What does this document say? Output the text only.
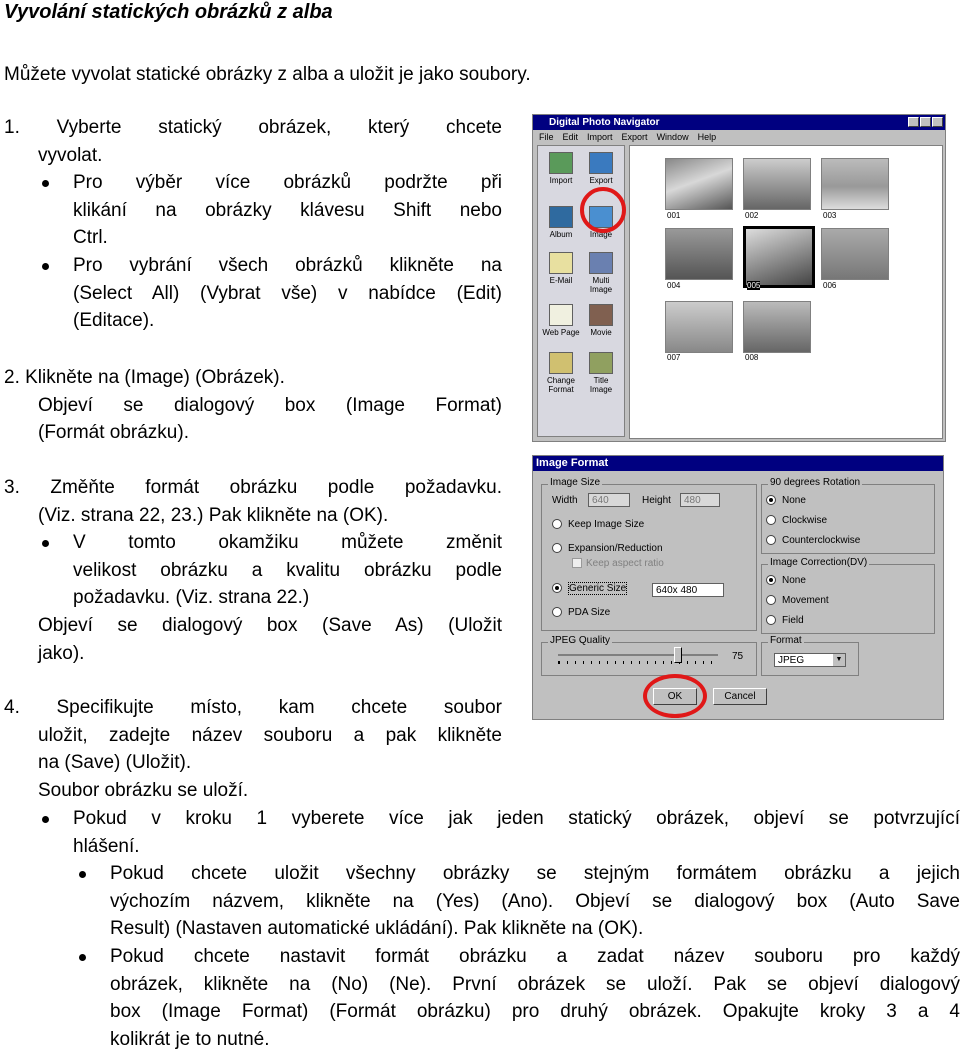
Vyvolání statických obrázků z alba
Můžete vyvolat statické obrázky z alba a uložit je jako soubory.
1. Vyberte statický obrázek, který chcete
vyvolat.
Pro výběr více obrázků podržte při
klikání na obrázky klávesu Shift nebo
Ctrl.
Pro vybrání všech obrázků klikněte na
(Select All) (Vybrat vše) v nabídce (Edit)
(Editace).
2. Klikněte na (Image) (Obrázek).
Objeví se dialogový box (Image Format)
(Formát obrázku).
3. Změňte formát obrázku podle požadavku.
(Viz. strana 22, 23.) Pak klikněte na (OK).
V tomto okamžiku můžete změnit
velikost obrázku a kvalitu obrázku podle
požadavku. (Viz. strana 22.)
Objeví se dialogový box (Save As) (Uložit
jako).
4. Specifikujte místo, kam chcete soubor
uložit, zadejte název souboru a pak klikněte
na (Save) (Uložit).
Soubor obrázku se uloží.
Pokud v kroku 1 vyberete více jak jeden statický obrázek, objeví se potvrzující
hlášení.
Pokud chcete uložit všechny obrázky se stejným formátem obrázku a jejich
výchozím názvem, klikněte na (Yes) (Ano). Objeví se dialogový box (Auto Save
Result) (Nastaven automatické ukládání). Pak klikněte na (OK).
Pokud chcete nastavit formát obrázku a zadat název souboru pro každý
obrázek, klikněte na (No) (Ne). První obrázek se uloží. Pak se objeví dialogový
box (Image Format) (Formát obrázku) pro druhý obrázek. Opakujte kroky 3 a 4
kolikrát je to nutné.
Digital Photo Navigator
File Edit Import Export Window Help
Import	Export
Album	Image
E-Mail	Multi Image
Web Page	Movie
Change Format
Title Image
001	002	003
004	005	006
007	008
Image Format
Image Size
Width	640	Height	480
Keep Image Size
Expansion/Reduction
Keep aspect ratio
Generic Size	640x 480
PDA Size
90 degrees Rotation
None
Clockwise
Counterclockwise
Image Correction(DV)
None
Movement
Field
JPEG Quality
75
Format
JPEG	▼
OK	Cancel
